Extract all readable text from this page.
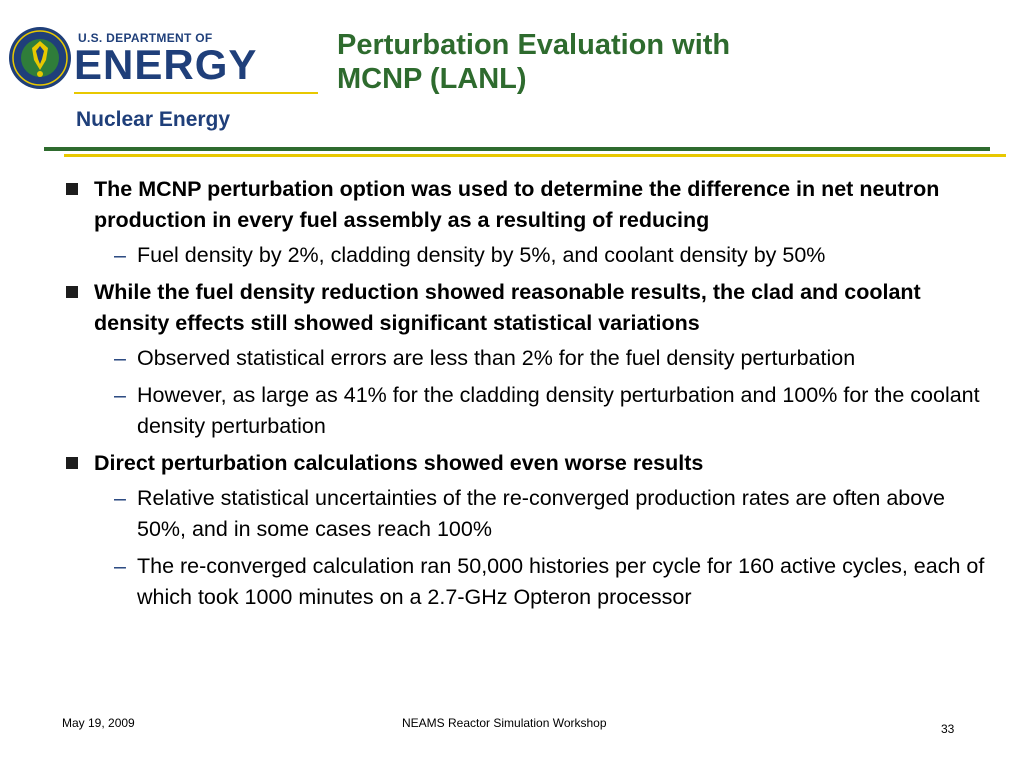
U.S. DEPARTMENT OF
ENERGY
Nuclear Energy
Perturbation Evaluation with
MCNP (LANL)
The MCNP perturbation option was used to determine the difference in net neutron production in every fuel assembly as a resulting of reducing
– Fuel density by 2%, cladding density by 5%, and coolant density by 50%
While the fuel density reduction showed reasonable results, the clad and coolant density effects still showed significant statistical variations
– Observed statistical errors are less than 2% for the fuel density perturbation
– However, as large as 41% for the cladding density perturbation and 100% for the coolant density perturbation
Direct perturbation calculations showed even worse results
– Relative statistical uncertainties of the re-converged production rates are often above 50%, and in some cases reach 100%
– The re-converged calculation ran 50,000 histories per cycle for 160 active cycles, each of which took 1000 minutes on a 2.7-GHz Opteron processor
May 19, 2009	NEAMS Reactor Simulation Workshop	33
